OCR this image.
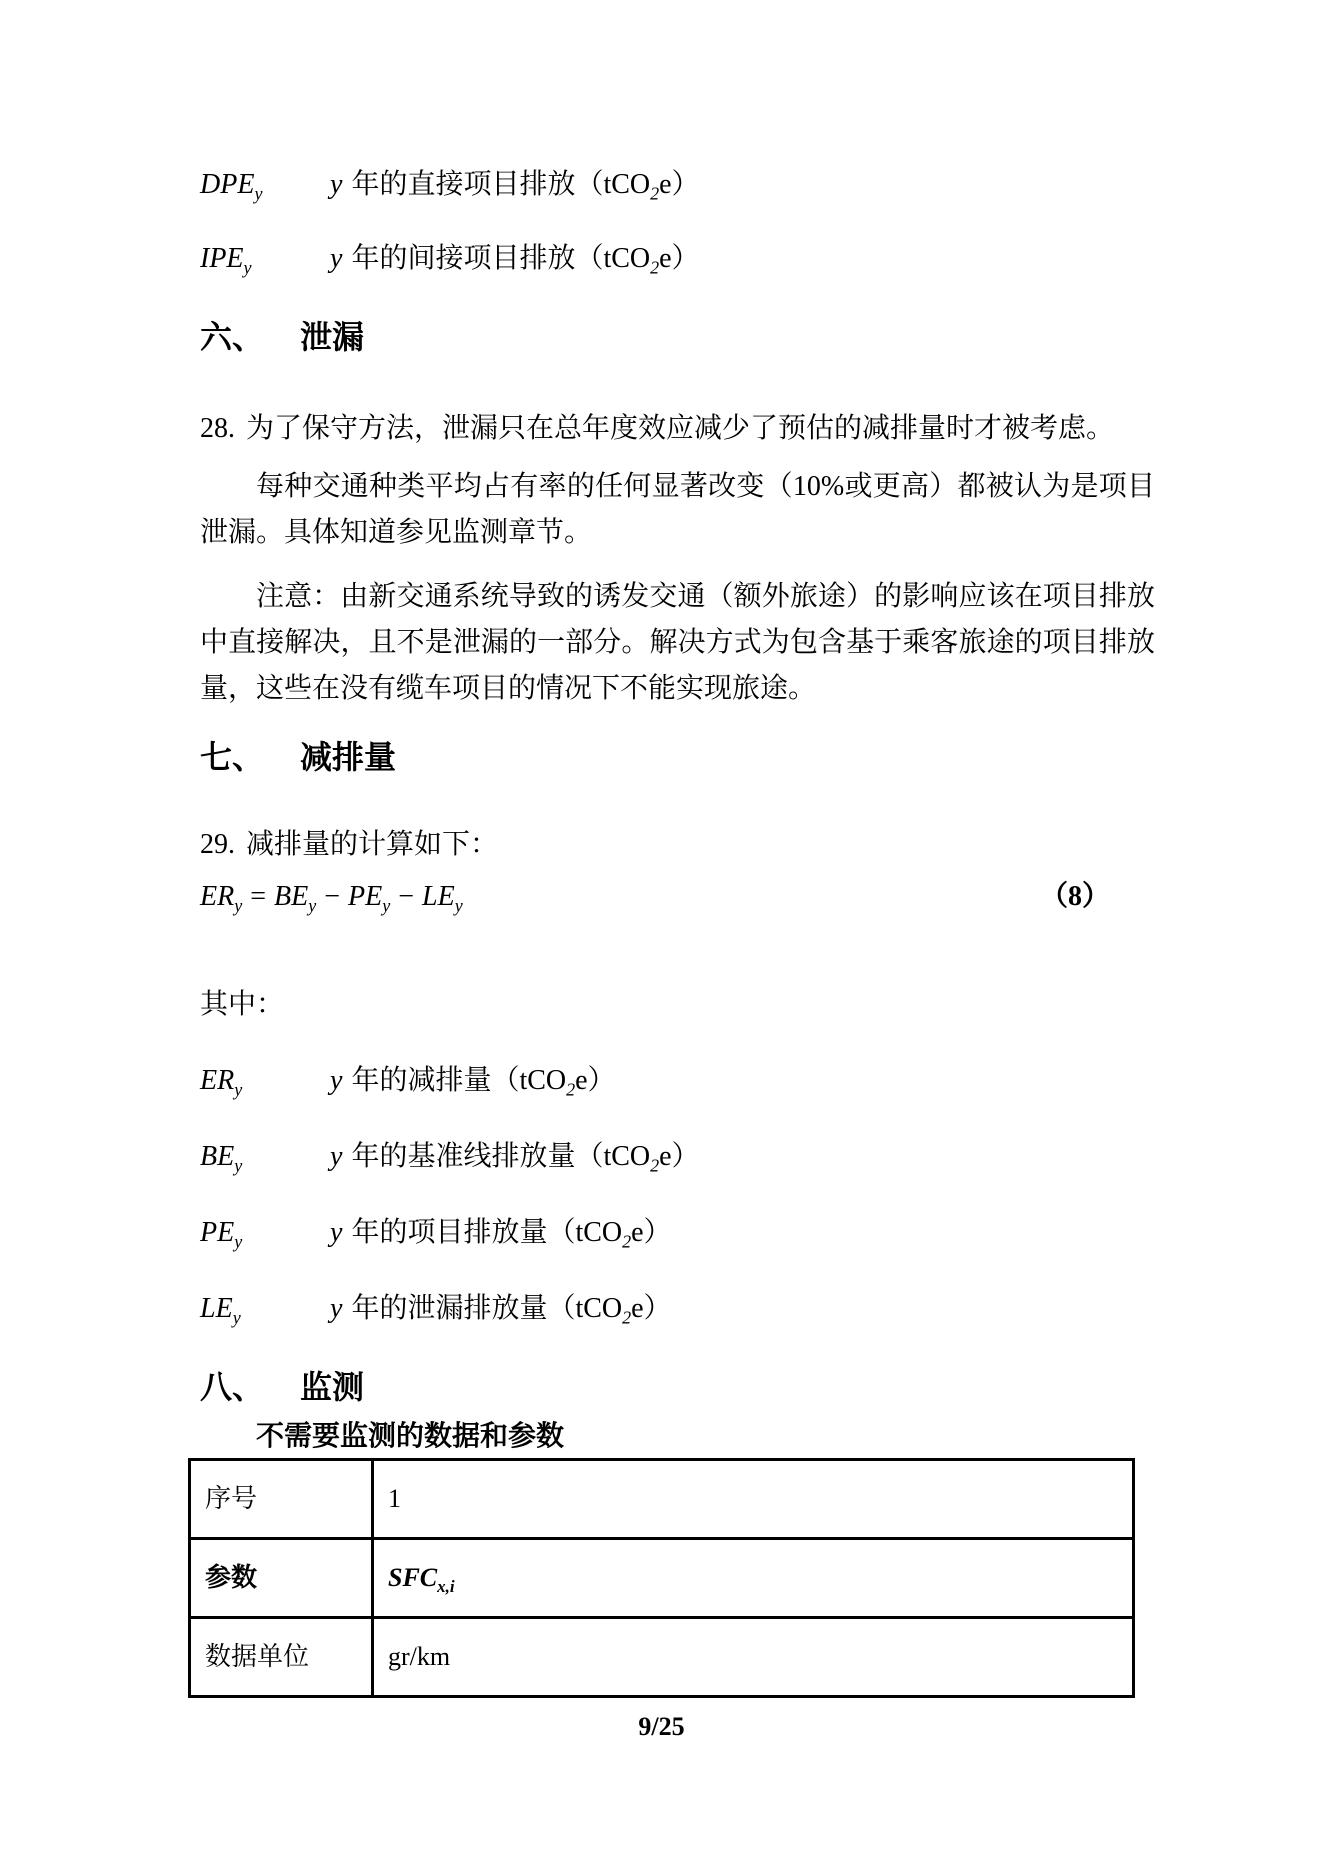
$DPE_y$	y 年的直接项目排放（tCO$_2$e）
$IPE_y$	y 年的间接项目排放（tCO$_2$e）
六、 泄漏

28. 为了保守方法，泄漏只在总年度效应减少了预估的减排量时才被考虑。

每种交通种类平均占有率的任何显著改变（10%或更高）都被认为是项目泄漏。具体知道参见监测章节。

注意：由新交通系统导致的诱发交通（额外旅途）的影响应该在项目排放中直接解决，且不是泄漏的一部分。解决方式为包含基于乘客旅途的项目排放量，这些在没有缆车项目的情况下不能实现旅途。

七、 减排量

29. 减排量的计算如下：

$ER_y = BE_y - PE_y - LE_y$	（8）
其中：
$ER_y$	y 年的减排量（tCO$_2$e）
$BE_y$	y 年的基准线排放量（tCO$_2$e）
$PE_y$	y 年的项目排放量（tCO$_2$e）
$LE_y$	y 年的泄漏排放量（tCO$_2$e）
八、 监测
不需要监测的数据和参数
序号	1
参数	$SFC_{x,i}$
数据单位	gr/km
9/25
